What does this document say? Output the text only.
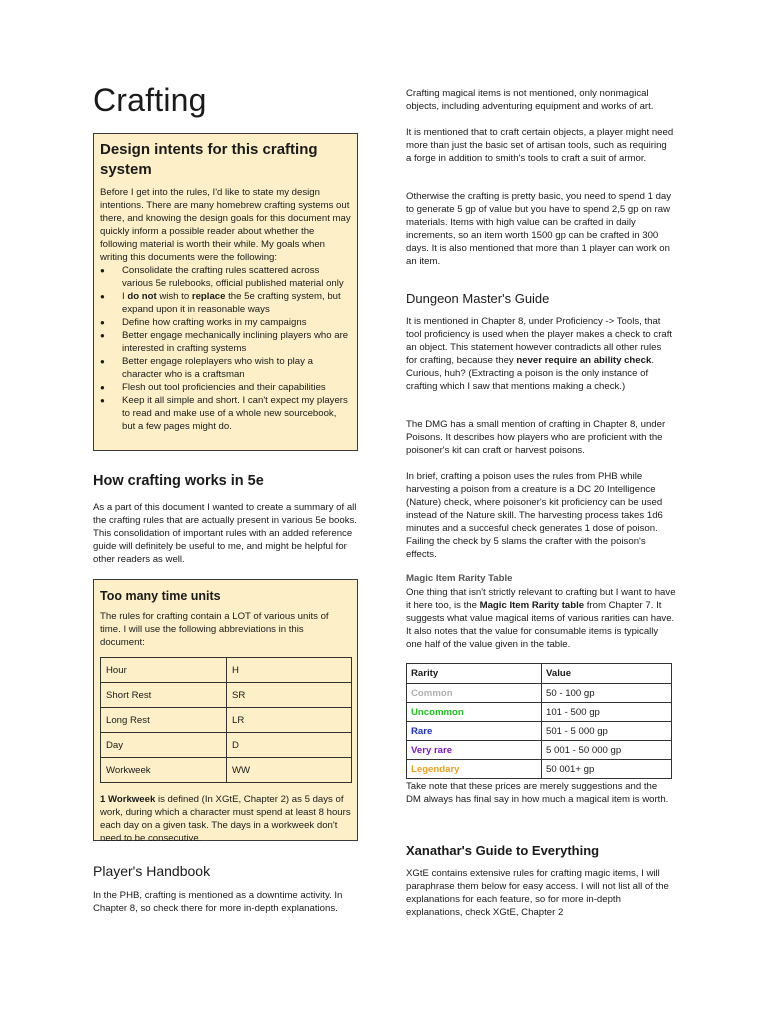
Crafting
Design intents for this crafting system

Before I get into the rules, I'd like to state my design intentions. There are many homebrew crafting systems out there, and knowing the design goals for this document may quickly inform a possible reader about whether the following material is worth their while. My goals when writing this documents were the following:

● Consolidate the crafting rules scattered across various 5e rulebooks, official published material only
● I do not wish to replace the 5e crafting system, but expand upon it in reasonable ways
● Define how crafting works in my campaigns
● Better engage mechanically inclining players who are interested in crafting systems
● Better engage roleplayers who wish to play a character who is a craftsman
● Flesh out tool proficiencies and their capabilities
● Keep it all simple and short. I can't expect my players to read and make use of a whole new sourcebook, but a few pages might do.
How crafting works in 5e

As a part of this document I wanted to create a summary of all the crafting rules that are actually present in various 5e books. This consolidation of important rules with an added reference guide will definitely be useful to me, and might be helpful for other readers as well.

Too many time units

The rules for crafting contain a LOT of various units of time. I will use the following abbreviations in this document:

Hour	H
Short Rest	SR
Long Rest	LR
Day	D
Workweek	WW

1 Workweek is defined (In XGtE, Chapter 2) as 5 days of work, during which a character must spend at least 8 hours each day on a given task. The days in a workweek don't need to be consecutive.

Player's Handbook

In the PHB, crafting is mentioned as a downtime activity. In Chapter 8, so check there for more in-depth explanations.

Crafting magical items is not mentioned, only nonmagical objects, including adventuring equipment and works of art.

It is mentioned that to craft certain objects, a player might need more than just the basic set of artisan tools, such as requiring a forge in addition to smith's tools to craft a suit of armor.

Otherwise the crafting is pretty basic, you need to spend 1 day to generate 5 gp of value but you have to spend 2,5 gp on raw materials. Items with high value can be crafted in daily increments, so an item worth 1500 gp can be crafted in 300 days. It is also mentioned that more than 1 player can work on an item.

Dungeon Master's Guide

It is mentioned in Chapter 8, under Proficiency -> Tools, that tool proficiency is used when the player makes a check to craft an object. This statement however contradicts all other rules for crafting, because they never require an ability check. Curious, huh? (Extracting a poison is the only instance of crafting which I saw that mentions making a check.)

The DMG has a small mention of crafting in Chapter 8, under Poisons. It describes how players who are proficient with the poisoner's kit can craft or harvest poisons.

In brief, crafting a poison uses the rules from PHB while harvesting a poison from a creature is a DC 20 Intelligence (Nature) check, where poisoner's kit proficiency can be used instead of the Nature skill. The harvesting process takes 1d6 minutes and a succesful check generates 1 dose of poison. Failing the check by 5 slams the crafter with the poison's effects.

Magic Item Rarity Table

One thing that isn't strictly relevant to crafting but I want to have it here too, is the Magic Item Rarity table from Chapter 7. It suggests what value magical items of various rarities can have. It also notes that the value for consumable items is typically one half of the value given in the table.

Rarity	Value
Common	50 - 100 gp
Uncommon	101 - 500 gp
Rare	501 - 5 000 gp
Very rare	5 001 - 50 000 gp
Legendary	50 001+ gp

Take note that these prices are merely suggestions and the DM always has final say in how much a magical item is worth.

Xanathar's Guide to Everything

XGtE contains extensive rules for crafting magic items, I will paraphrase them below for easy access. I will not list all of the explanations for each feature, so for more in-depth explanations, check XGtE, Chapter 2
